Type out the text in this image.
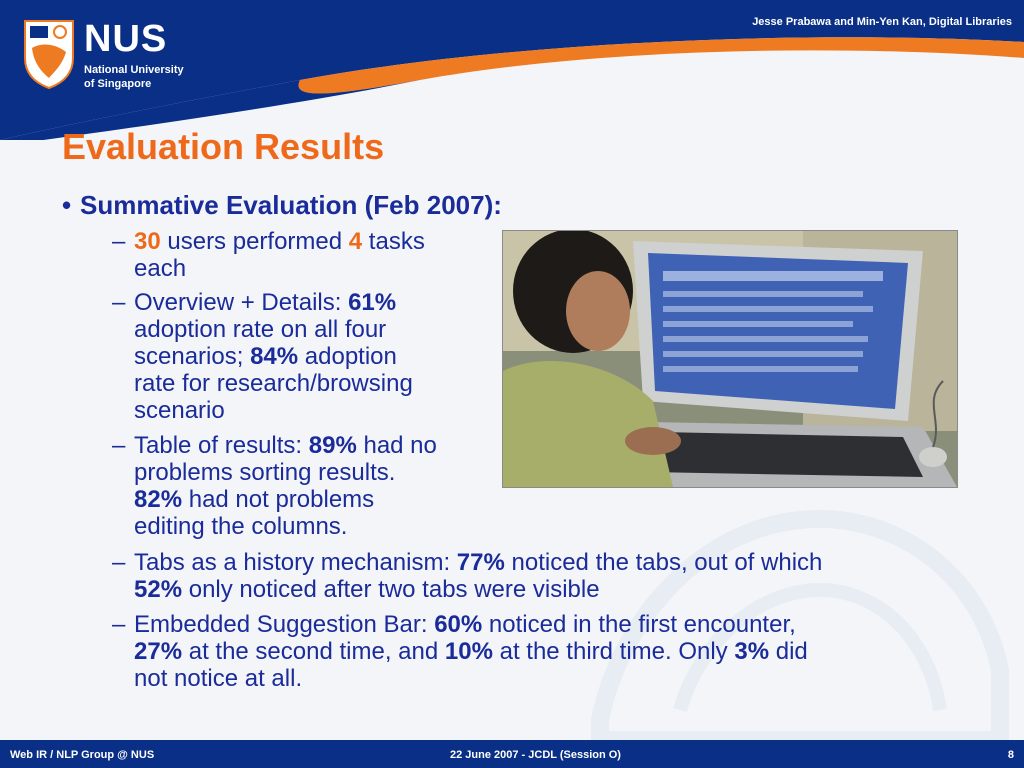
NUS
National University
of Singapore
Jesse Prabawa and Min-Yen Kan, Digital Libraries
Evaluation Results
• Summative Evaluation (Feb 2007):
– 30 users performed 4 tasks
each
– Overview + Details: 61%
adoption rate on all four
scenarios; 84% adoption
rate for research/browsing
scenario
– Table of results: 89% had no
problems sorting results.
82% had not problems
editing the columns.
– Tabs as a history mechanism: 77% noticed the tabs, out of which
52% only noticed after two tabs were visible
– Embedded Suggestion Bar: 60% noticed in the first encounter,
27% at the second time, and 10% at the third time. Only 3% did
not notice at all.
Web IR / NLP Group @ NUS	22 June 2007 - JCDL (Session O)	8
